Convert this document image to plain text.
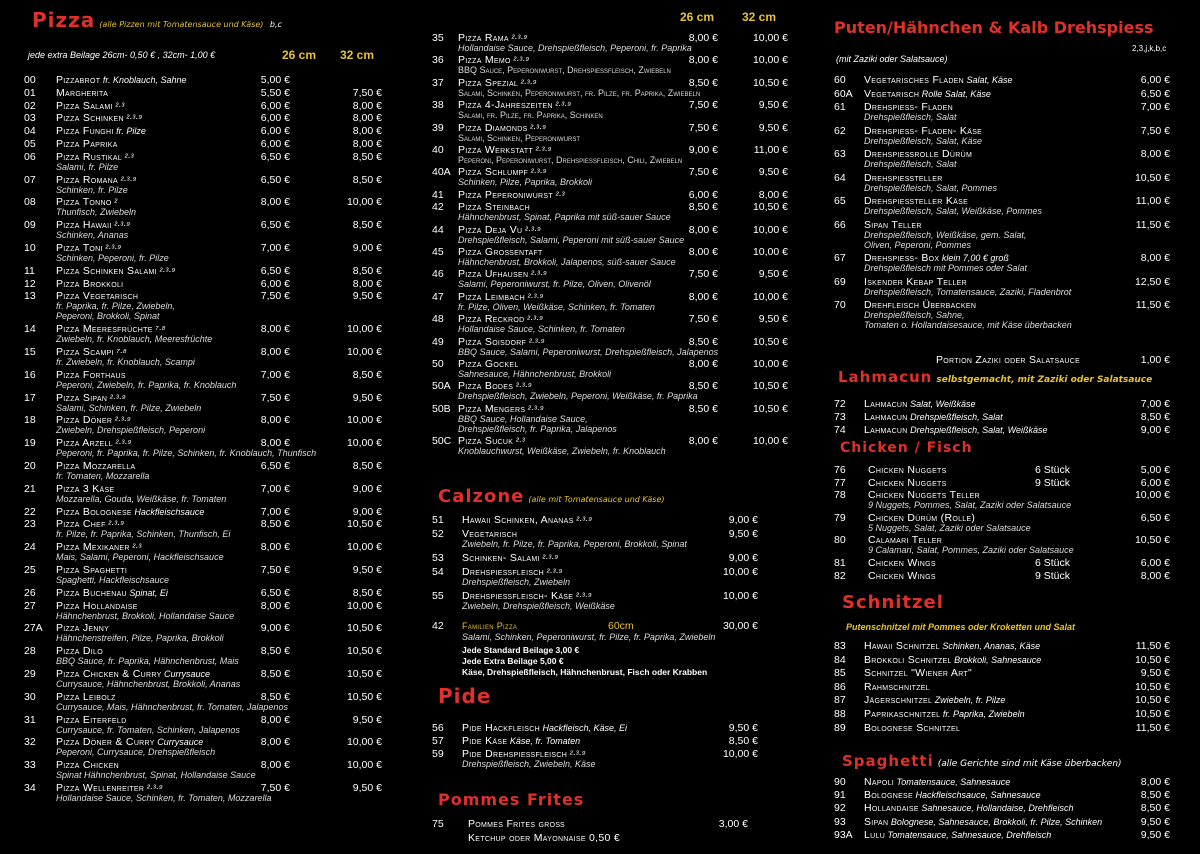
Pizza (alle Pizzen mit Tomatensauce und Käse) b,c
jede extra Beilage 26cm- 0,50 € , 32cm- 1,00 €	26 cm 32 cm
00 Pizzabrot fr. Knoblauch, Sahne	5,00 €
01 Margherita	5,50 €	7,50 €
02 Pizza Salami ²·³	6,00 €	8,00 €
03 Pizza Schinken ²·³·⁹	6,00 €	8,00 €
04 Pizza Funghi fr. Pilze	6,00 €	8,00 €
05 Pizza Paprika	6,00 €	8,00 €
06 Pizza Rustikal ²·³	6,50 €	8,50 €
Salami, fr. Pilze
07 Pizza Romana ²·³·⁹	6,50 €	8,50 €
Schinken, fr. Pilze
08 Pizza Tonno ²	8,00 €	10,00 €
Thunfisch, Zwiebeln
09 Pizza Hawaii ²·³·⁹	6,50 €	8,50 €
Schinken, Ananas
10 Pizza Toni ²·³·⁹	7,00 €	9,00 €
Schinken, Peperoni, fr. Pilze
11 Pizza Schinken Salami ²·³·⁹	6,50 €	8,50 €
12 Pizza Brokkoli	6,00 €	8,00 €
13 Pizza Vegetarisch	7,50 €	9,50 €
fr. Paprika, fr. Pilze, Zwiebeln,
Peperoni, Brokkoli, Spinat
14 Pizza Meeresfrüchte ⁷·⁸	8,00 €	10,00 €
Zwiebeln, fr. Knoblauch, Meeresfrüchte
15 Pizza Scampi ⁷·⁸	8,00 €	10,00 €
fr. Zwiebeln, fr. Knoblauch, Scampi
16 Pizza Forthaus	7,00 €	8,50 €
Peperoni, Zwiebeln, fr. Paprika, fr. Knoblauch
17 Pizza Sipan ²·³·⁹	7,50 €	9,50 €
Salami, Schinken, fr. Pilze, Zwiebeln
18 Pizza Döner ²·³·⁹	8,00 €	10,00 €
Zwiebeln, Drehspießfleisch, Peperoni
19 Pizza Arzell ²·³·⁹	8,00 €	10,00 €
Peperoni, fr. Paprika, fr. Pilze, Schinken, fr. Knoblauch, Thunfisch
20 Pizza Mozzarella	6,50 €	8,50 €
fr. Tomaten, Mozzarella
21 Pizza 3 Käse	7,00 €	9,00 €
Mozzarella, Gouda, Weißkäse, fr. Tomaten
22 Pizza Bolognese Hackfleischsauce	7,00 €	9,00 €
23 Pizza Chef ²·³·⁹	8,50 €	10,50 €
fr. Pilze, fr. Paprika, Schinken, Thunfisch, Ei
24 Pizza Mexikaner ²·³	8,00 €	10,00 €
Mais, Salami, Peperoni, Hackfleischsauce
25 Pizza Spaghetti	7,50 €	9,50 €
Spaghetti, Hackfleischsauce
26 Pizza Buchenau Spinat, Ei	6,50 €	8,50 €
27 Pizza Hollandaise	8,00 €	10,00 €
Hähnchenbrust, Brokkoli, Hollandaise Sauce
27A Pizza Jenny	9,00 €	10,50 €
Hähnchenstreifen, Pilze, Paprika, Brokkoli
28 Pizza Dilo	8,50 €	10,50 €
BBQ Sauce, fr. Paprika, Hähnchenbrust, Mais
29 Pizza Chicken & Curry Currysauce	8,50 €	10,50 €
Currysauce, Hähnchenbrust, Brokkoli, Ananas
30 Pizza Leibolz	8,50 €	10,50 €
Currysauce, Mais, Hähnchenbrust, fr. Tomaten, Jalapenos
31 Pizza Eiterfeld	8,00 €	9,50 €
Currysauce, fr. Tomaten, Schinken, Jalapenos
32 Pizza Döner & Curry Currysauce	8,00 €	10,00 €
Peperoni, Currysauce, Drehspießfleisch
33 Pizza Chicken	8,00 €	10,00 €
Spinat Hähnchenbrust, Spinat, Hollandaise Sauce
34 Pizza Wellenreiter ²·³·⁹	7,50 €	9,50 €
Hollandaise Sauce, Schinken, fr. Tomaten, Mozzarella
26 cm 32 cm
35 Pizza Rama ²·³·⁹	8,00 €	10,00 €
Hollandaise Sauce, Drehspießfleisch, Peperoni, fr. Paprika
36 Pizza Memo ²·³·⁹	8,00 €	10,00 €
BBQ Sauce, Peperoniwurst, Drehspießfleisch, Zwiebeln
37 Pizza Spezial ²·³·⁹	8,50 €	10,50 €
Salami, Schinken, Peperoniwurst, fr. Pilze, fr. Paprika, Zwiebeln
38 Pizza 4-Jahreszeiten ²·³·⁹	7,50 €	9,50 €
Salami, fr. Pilze, fr. Paprika, Schinken
39 Pizza Diamonds ²·³·⁹	7,50 €	9,50 €
Salami, Schinken, Peperoniwurst
40 Pizza Werkstatt ²·³·⁹	9,00 €	11,00 €
Peperoni, Peperoniwurst, Drehspießfleisch, Chili, Zwiebeln
40A Pizza Schlumpf ²·³·⁹	7,50 €	9,50 €
Schinken, Pilze, Paprika, Brokkoli
41 Pizza Peperoniwurst ²·³	6,00 €	8,00 €
42 Pizza Steinbach	8,50 €	10,50 €
Hähnchenbrust, Spinat, Paprika mit süß-sauer Sauce
44 Pizza Deja Vu ²·³·⁹	8,00 €	10,00 €
Drehspießfleisch, Salami, Peperoni mit süß-sauer Sauce
45 Pizza Großentaft	8,00 €	10,00 €
Hähnchenbrust, Brokkoli, Jalapenos, süß-sauer Sauce
46 Pizza Ufhausen ²·³·⁹	7,50 €	9,50 €
Salami, Peperoniwurst, fr. Pilze, Oliven, Olivenöl
47 Pizza Leimbach ²·³·⁹	8,00 €	10,00 €
fr. Pilze, Oliven, Weißkäse, Schinken, fr. Tomaten
48 Pizza Reckrod ²·³·⁹	7,50 €	9,50 €
Hollandaise Sauce, Schinken, fr. Tomaten
49 Pizza Soisdorf ²·³·⁹	8,50 €	10,50 €
BBQ Sauce, Salami, Peperoniwurst, Drehspießfleisch, Jalapenos
50 Pizza Gockel	8,00 €	10,00 €
Sahnesauce, Hähnchenbrust, Brokkoli
50A Pizza Bodes ²·³·⁹	8,50 €	10,50 €
Drehspießfleisch, Zwiebeln, Peperoni, Weißkäse, fr. Paprika
50B Pizza Mengers ²·³·⁹	8,50 €	10,50 €
BBQ Sauce, Hollandaise Sauce,
Drehspießfleisch, fr. Paprika, Jalapenos
50C Pizza Sucuk ²·³	8,00 €	10,00 €
Knoblauchwurst, Weißkäse, Zwiebeln, fr. Knoblauch
Calzone (alle mit Tomatensauce und Käse)
51 Hawaii Schinken, Ananas ²·³·⁹	9,00 €
52 Vegetarisch	9,50 €
Zwiebeln, fr. Pilze, fr. Paprika, Peperoni, Brokkoli, Spinat
53 Schinken- Salami ²·³·⁹	9,00 €
54 Drehspießfleisch ²·³·⁹	10,00 €
Drehspießfleisch, Zwiebeln
55 Drehspießfleisch- Käse ²·³·⁹	10,00 €
Zwiebeln, Drehspießfleisch, Weißkäse
42 Familien Pizza	60cm	30,00 €
Salami, Schinken, Peperoniwurst, fr. Pilze, fr. Paprika, Zwiebeln
Jede Standard Beilage 3,00 €
Jede Extra Beilage 5,00 €
Käse, Drehspießfleisch, Hähnchenbrust, Fisch oder Krabben
Pide
56 Pide Hackfleisch Hackfleisch, Käse, Ei	9,50 €
57 Pide Käse Käse, fr. Tomaten	8,50 €
59 Pide Drehspießfleisch ²·³·⁹	10,00 €
Drehspießfleisch, Zwiebeln, Käse
Pommes Frites
75 Pommes Frites groß	3,00 €
Ketchup oder Mayonnaise 0,50 €
Puten/Hähnchen & Kalb Drehspiess
2,3,j,k,b,c
(mit Zaziki oder Salatsauce)
60 Vegetarisches Fladen Salat, Käse	6,00 €
60A Vegetarisch Rolle Salat, Käse	6,50 €
61 Drehspieß- Fladen	7,00 €
Drehspießfleisch, Salat
62 Drehspieß- Fladen- Käse	7,50 €
Drehspießfleisch, Salat, Käse
63 Drehspießrolle Dürüm	8,00 €
Drehspießfleisch, Salat
64 Drehspießteller	10,50 €
Drehspießfleisch, Salat, Pommes
65 Drehspießteller Käse	11,00 €
Drehspießfleisch, Salat, Weißkäse, Pommes
66 Sipan Teller	11,50 €
Drehspießfleisch, Weißkäse, gem. Salat,
Oliven, Peperoni, Pommes
67 Drehspieß- Box klein 7,00 € groß	8,00 €
Drehspießfleisch mit Pommes oder Salat
69 Iskender Kebap Teller	12,50 €
Drehspießfleisch, Tomatensauce, Zaziki, Fladenbrot
70 Drehfleisch Überbacken	11,50 €
Drehspießfleisch, Sahne,
Tomaten o. Hollandaisesauce, mit Käse überbacken
Portion Zaziki oder Salatsauce	1,00 €
Lahmacun selbstgemacht, mit Zaziki oder Salatsauce
72 Lahmacun Salat, Weißkäse	7,00 €
73 Lahmacun Drehspießfleisch, Salat	8,50 €
74 Lahmacun Drehspießfleisch, Salat, Weißkäse	9,00 €
Chicken / Fisch
76 Chicken Nuggets	6 Stück	5,00 €
77 Chicken Nuggets	9 Stück	6,00 €
78 Chicken Nuggets Teller	10,00 €
9 Nuggets, Pommes, Salat, Zaziki oder Salatsauce
79 Chicken Dürüm (Rolle)	6,50 €
5 Nuggets, Salat, Zaziki oder Salatsauce
80 Calamari Teller	10,50 €
9 Calamari, Salat, Pommes, Zaziki oder Salatsauce
81 Chicken Wings	6 Stück	6,00 €
82 Chicken Wings	9 Stück	8,00 €
Schnitzel
Putenschnitzel mit Pommes oder Kroketten und Salat
83 Hawaii Schnitzel Schinken, Ananas, Käse	11,50 €
84 Brokkoli Schnitzel Brokkoli, Sahnesauce	10,50 €
85 Schnitzel "Wiener Art"	9,50 €
86 Rahmschnitzel	10,50 €
87 Jägerschnitzel Zwiebeln, fr. Pilze	10,50 €
88 Paprikaschnitzel fr. Paprika, Zwiebeln	10,50 €
89 Bolognese Schnitzel	11,50 €
Spaghetti (alle Gerichte sind mit Käse überbacken)
90 Napoli Tomatensauce, Sahnesauce	8,00 €
91 Bolognese Hackfleischsauce, Sahnesauce	8,50 €
92 Hollandaise Sahnesauce, Hollandaise, Drehfleisch	8,50 €
93 Sipan Bolognese, Sahnesauce, Brokkoli, fr. Pilze, Schinken	9,50 €
93A Lulu Tomatensauce, Sahnesauce, Drehfleisch	9,50 €
